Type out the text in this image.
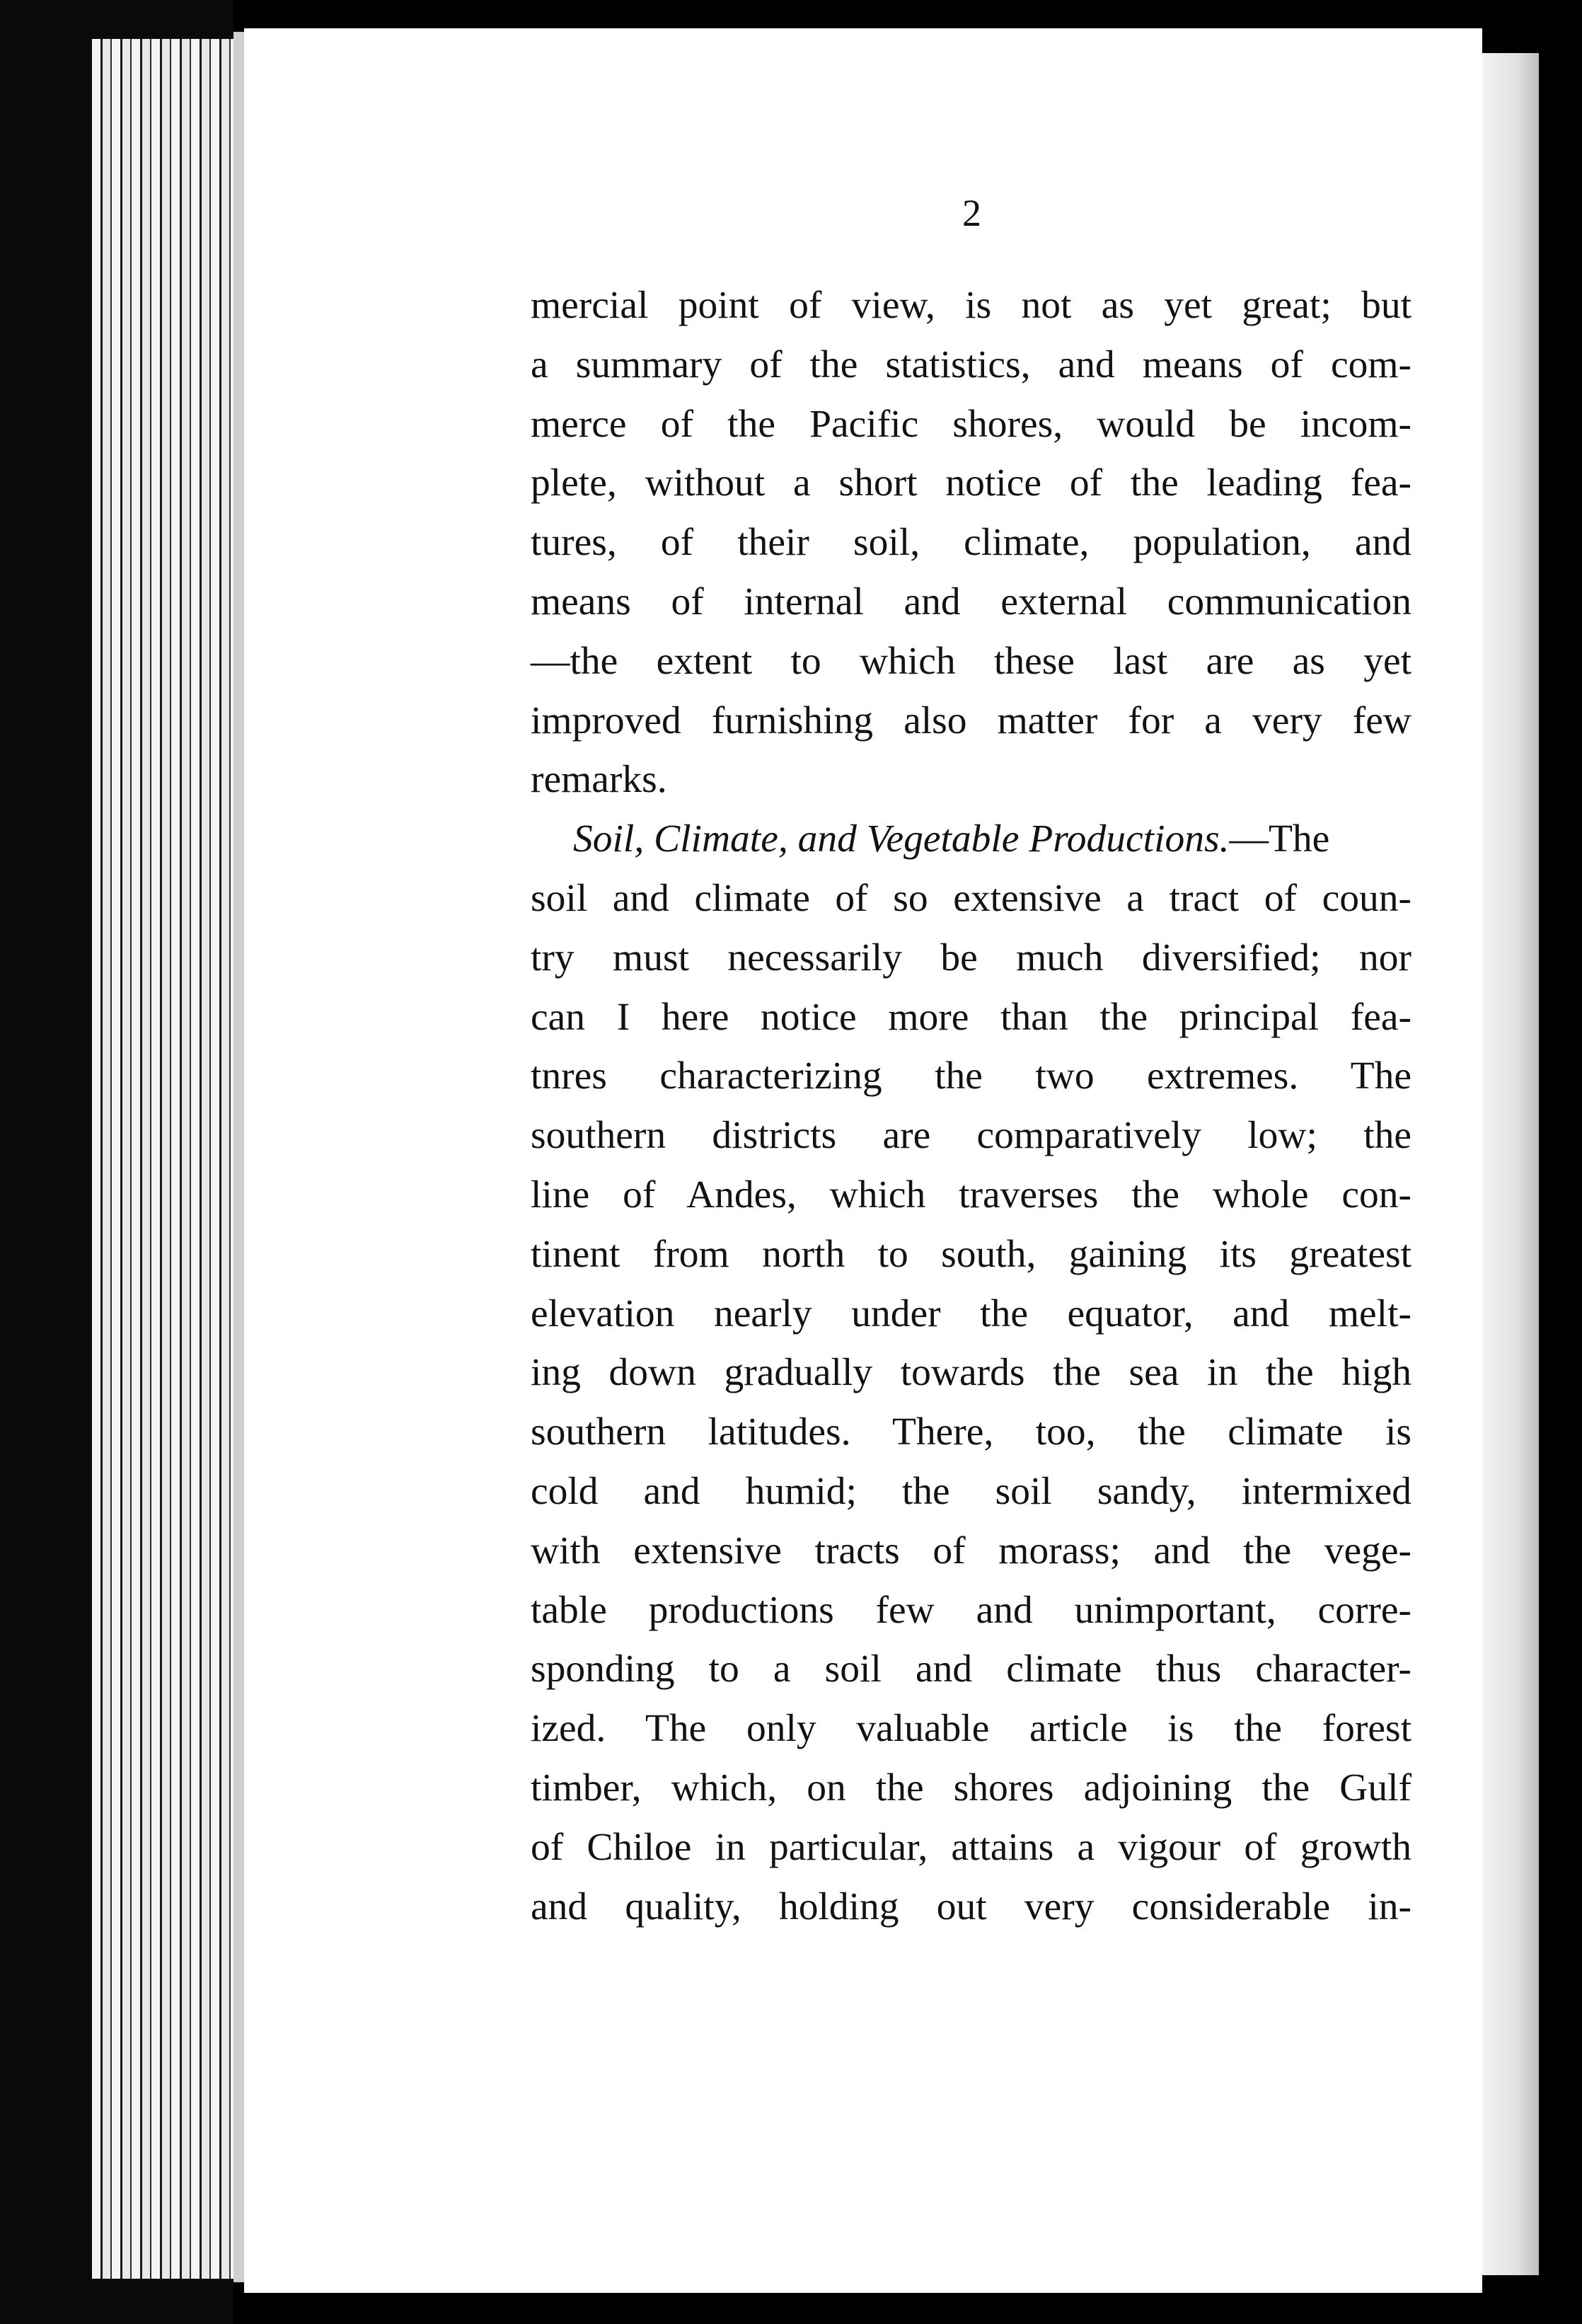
2
mercial point of view, is not as yet great; but
a summary of the statistics, and means of com-
merce of the Pacific shores, would be incom-
plete, without a short notice of the leading fea-
tures, of their soil, climate, population, and
means of internal and external communication
—the extent to which these last are as yet
improved furnishing also matter for a very few
remarks.
Soil, Climate, and Vegetable Productions.—The
soil and climate of so extensive a tract of coun-
try must necessarily be much diversified; nor
can I here notice more than the principal fea-
tnres characterizing the two extremes. The
southern districts are comparatively low; the
line of Andes, which traverses the whole con-
tinent from north to south, gaining its greatest
elevation nearly under the equator, and melt-
ing down gradually towards the sea in the high
southern latitudes. There, too, the climate is
cold and humid; the soil sandy, intermixed
with extensive tracts of morass; and the vege-
table productions few and unimportant, corre-
sponding to a soil and climate thus character-
ized. The only valuable article is the forest
timber, which, on the shores adjoining the Gulf
of Chiloe in particular, attains a vigour of growth
and quality, holding out very considerable in-
